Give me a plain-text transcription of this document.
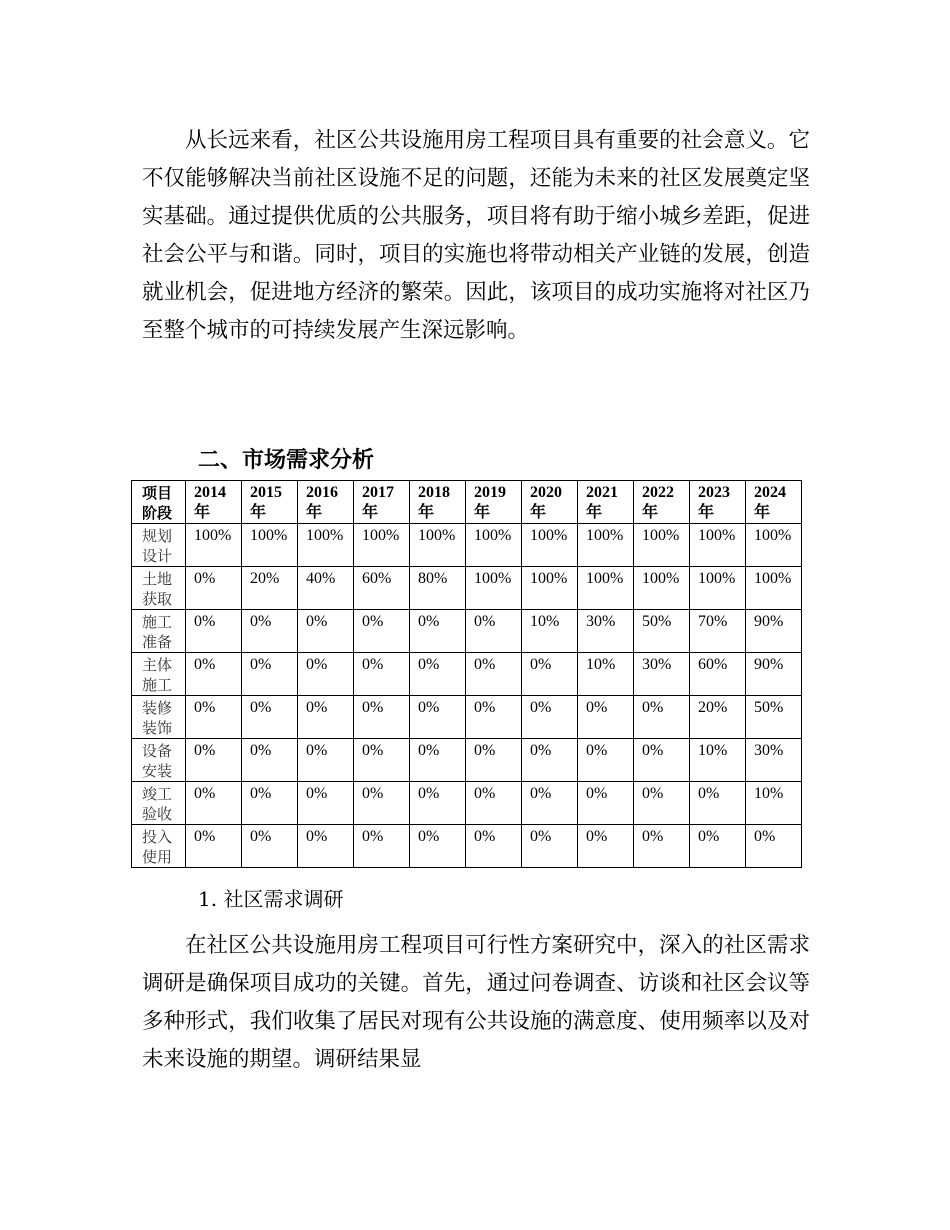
从长远来看，社区公共设施用房工程项目具有重要的社会意义。它不仅能够解决当前社区设施不足的问题，还能为未来的社区发展奠定坚实基础。通过提供优质的公共服务，项目将有助于缩小城乡差距，促进社会公平与和谐。同时，项目的实施也将带动相关产业链的发展，创造就业机会，促进地方经济的繁荣。因此，该项目的成功实施将对社区乃至整个城市的可持续发展产生深远影响。

二、市场需求分析
项目阶段	2014年	2015年	2016年	2017年	2018年	2019年	2020年	2021年	2022年	2023年	2024年
规划设计	100%	100%	100%	100%	100%	100%	100%	100%	100%	100%	100%
土地获取	0%	20%	40%	60%	80%	100%	100%	100%	100%	100%	100%
施工准备	0%	0%	0%	0%	0%	0%	10%	30%	50%	70%	90%
主体施工	0%	0%	0%	0%	0%	0%	0%	10%	30%	60%	90%
装修装饰	0%	0%	0%	0%	0%	0%	0%	0%	0%	20%	50%
设备安装	0%	0%	0%	0%	0%	0%	0%	0%	0%	10%	30%
竣工验收	0%	0%	0%	0%	0%	0%	0%	0%	0%	0%	10%
投入使用	0%	0%	0%	0%	0%	0%	0%	0%	0%	0%	0%

1. 社区需求调研

在社区公共设施用房工程项目可行性方案研究中，深入的社区需求调研是确保项目成功的关键。首先，通过问卷调查、访谈和社区会议等多种形式，我们收集了居民对现有公共设施的满意度、使用频率以及对未来设施的期望。调研结果显
